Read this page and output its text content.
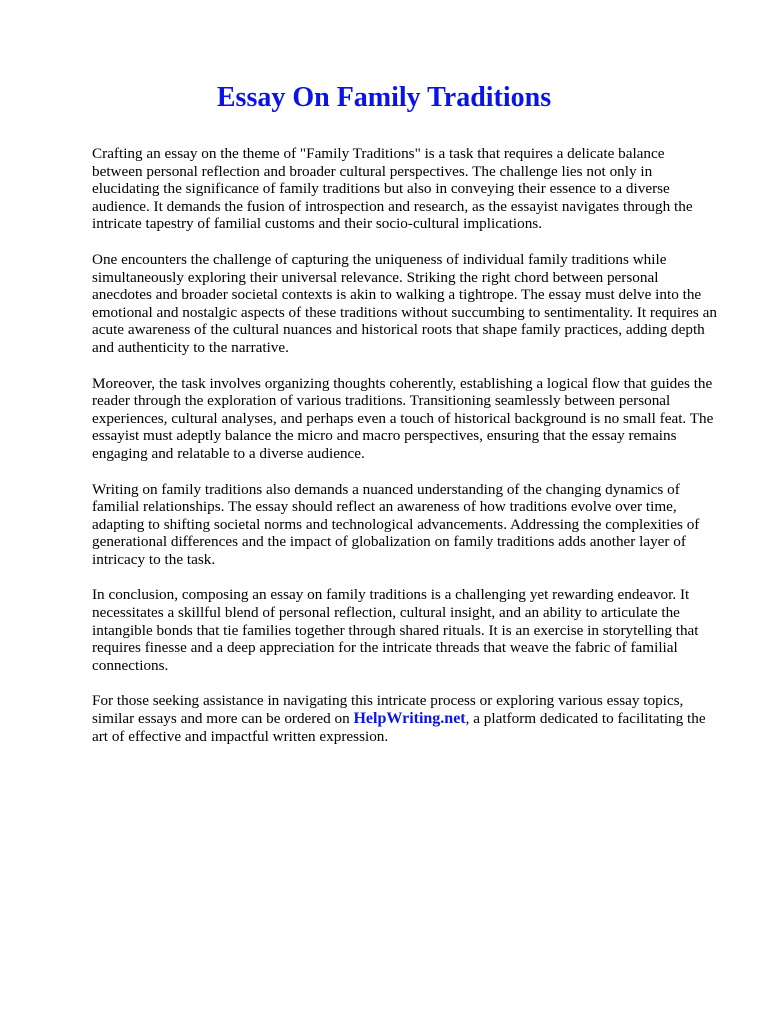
Essay On Family Traditions

Crafting an essay on the theme of "Family Traditions" is a task that requires a delicate balance between personal reflection and broader cultural perspectives. The challenge lies not only in elucidating the significance of family traditions but also in conveying their essence to a diverse audience. It demands the fusion of introspection and research, as the essayist navigates through the intricate tapestry of familial customs and their socio-cultural implications.

One encounters the challenge of capturing the uniqueness of individual family traditions while simultaneously exploring their universal relevance. Striking the right chord between personal anecdotes and broader societal contexts is akin to walking a tightrope. The essay must delve into the emotional and nostalgic aspects of these traditions without succumbing to sentimentality. It requires an acute awareness of the cultural nuances and historical roots that shape family practices, adding depth and authenticity to the narrative.

Moreover, the task involves organizing thoughts coherently, establishing a logical flow that guides the reader through the exploration of various traditions. Transitioning seamlessly between personal experiences, cultural analyses, and perhaps even a touch of historical background is no small feat. The essayist must adeptly balance the micro and macro perspectives, ensuring that the essay remains engaging and relatable to a diverse audience.

Writing on family traditions also demands a nuanced understanding of the changing dynamics of familial relationships. The essay should reflect an awareness of how traditions evolve over time, adapting to shifting societal norms and technological advancements. Addressing the complexities of generational differences and the impact of globalization on family traditions adds another layer of intricacy to the task.

In conclusion, composing an essay on family traditions is a challenging yet rewarding endeavor. It necessitates a skillful blend of personal reflection, cultural insight, and an ability to articulate the intangible bonds that tie families together through shared rituals. It is an exercise in storytelling that requires finesse and a deep appreciation for the intricate threads that weave the fabric of familial connections.

For those seeking assistance in navigating this intricate process or exploring various essay topics, similar essays and more can be ordered on HelpWriting.net, a platform dedicated to facilitating the art of effective and impactful written expression.
